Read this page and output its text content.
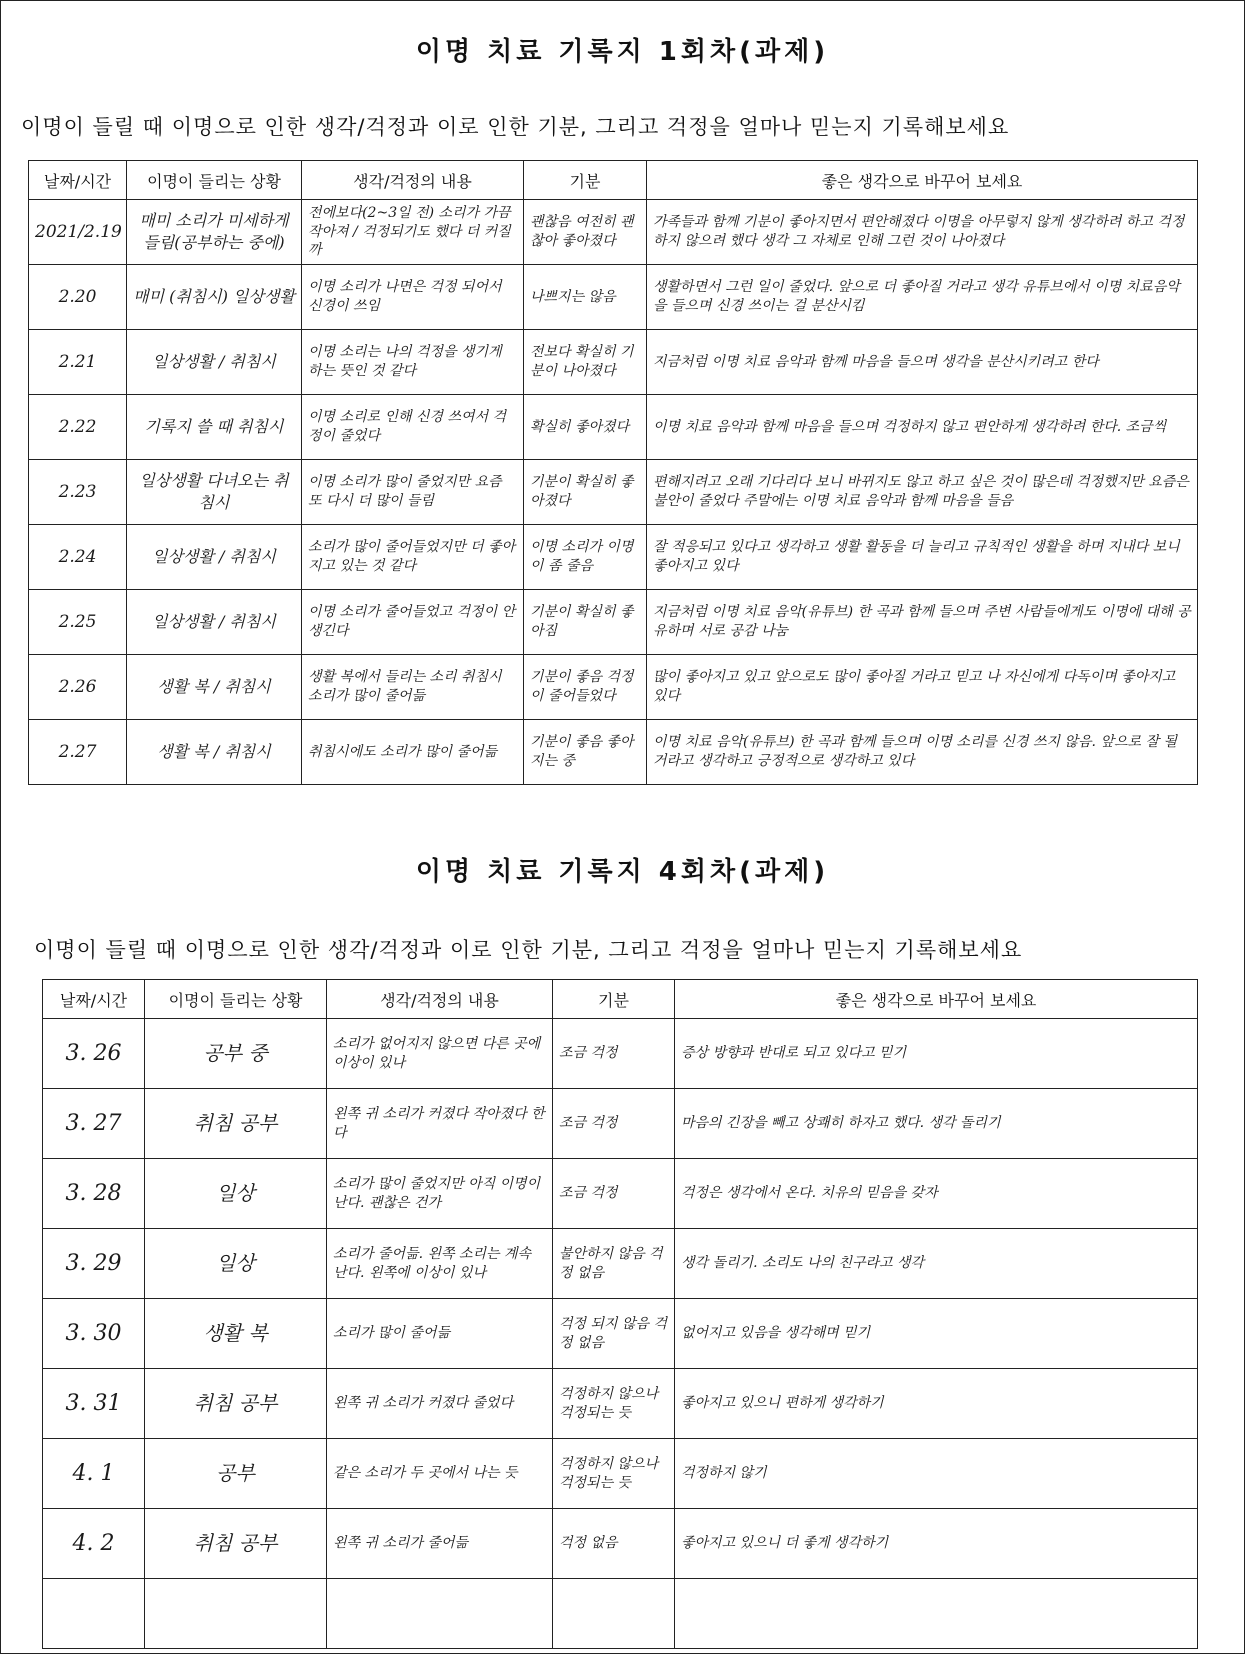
이명 치료 기록지 1회차(과제)
이명이 들릴 때 이명으로 인한 생각/걱정과 이로 인한 기분, 그리고 걱정을 얼마나 믿는지 기록해보세요
날짜/시간	이명이 들리는 상황	생각/걱정의 내용	기분	좋은 생각으로 바꾸어 보세요
2021/2.19	매미 소리가 미세하게 들림(공부하는 중에)	전에보다(2~3일 전) 소리가 가끔 작아져 / 걱정되기도 했다 더 커질까	괜찮음 여전히 괜찮아 좋아졌다	가족들과 함께 기분이 좋아지면서 편안해졌다 이명을 아무렇지 않게 생각하려 하고 걱정하지 않으려 했다 생각 그 자체로 인해 그런 것이 나아졌다
2.20	매미 (취침시) 일상생활	이명 소리가 나면은 걱정 되어서 신경이 쓰임	나쁘지는 않음	생활하면서 그런 일이 줄었다. 앞으로 더 좋아질 거라고 생각 유튜브에서 이명 치료음악을 들으며 신경 쓰이는 걸 분산시킴
2.21	일상생활 / 취침시	이명 소리는 나의 걱정을 생기게 하는 뜻인 것 같다	전보다 확실히 기분이 나아졌다	지금처럼 이명 치료 음악과 함께 마음을 들으며 생각을 분산시키려고 한다
2.22	기록지 쓸 때 취침시	이명 소리로 인해 신경 쓰여서 걱정이 줄었다	확실히 좋아졌다	이명 치료 음악과 함께 마음을 들으며 걱정하지 않고 편안하게 생각하려 한다. 조금씩
2.23	일상생활 다녀오는 취침시	이명 소리가 많이 줄었지만 요즘 또 다시 더 많이 들림	기분이 확실히 좋아졌다	편해지려고 오래 기다리다 보니 바뀌지도 않고 하고 싶은 것이 많은데 걱정했지만 요즘은 불안이 줄었다 주말에는 이명 치료 음악과 함께 마음을 들음
2.24	일상생활 / 취침시	소리가 많이 줄어들었지만 더 좋아지고 있는 것 같다	이명 소리가 이명이 좀 줄음	잘 적응되고 있다고 생각하고 생활 활동을 더 늘리고 규칙적인 생활을 하며 지내다 보니 좋아지고 있다
2.25	일상생활 / 취침시	이명 소리가 줄어들었고 걱정이 안 생긴다	기분이 확실히 좋아짐	지금처럼 이명 치료 음악(유튜브) 한 곡과 함께 들으며 주변 사람들에게도 이명에 대해 공유하며 서로 공감 나눔
2.26	생활 복 / 취침시	생활 복에서 들리는 소리 취침시 소리가 많이 줄어듦	기분이 좋음 걱정이 줄어들었다	많이 좋아지고 있고 앞으로도 많이 좋아질 거라고 믿고 나 자신에게 다독이며 좋아지고 있다
2.27	생활 복 / 취침시	취침시에도 소리가 많이 줄어듦	기분이 좋음 좋아지는 중	이명 치료 음악(유튜브) 한 곡과 함께 들으며 이명 소리를 신경 쓰지 않음. 앞으로 잘 될 거라고 생각하고 긍정적으로 생각하고 있다
이명 치료 기록지 4회차(과제)
이명이 들릴 때 이명으로 인한 생각/걱정과 이로 인한 기분, 그리고 걱정을 얼마나 믿는지 기록해보세요
날짜/시간	이명이 들리는 상황	생각/걱정의 내용	기분	좋은 생각으로 바꾸어 보세요
3. 26	공부 중	소리가 없어지지 않으면 다른 곳에 이상이 있나	조금 걱정	증상 방향과 반대로 되고 있다고 믿기
3. 27	취침 공부	왼쪽 귀 소리가 커졌다 작아졌다 한다	조금 걱정	마음의 긴장을 빼고 상쾌히 하자고 했다. 생각 돌리기
3. 28	일상	소리가 많이 줄었지만 아직 이명이 난다. 괜찮은 건가	조금 걱정	걱정은 생각에서 온다. 치유의 믿음을 갖자
3. 29	일상	소리가 줄어듦. 왼쪽 소리는 계속 난다. 왼쪽에 이상이 있나	불안하지 않음 걱정 없음	생각 돌리기. 소리도 나의 친구라고 생각
3. 30	생활 복	소리가 많이 줄어듦	걱정 되지 않음 걱정 없음	없어지고 있음을 생각해며 믿기
3. 31	취침 공부	왼쪽 귀 소리가 커졌다 줄었다	걱정하지 않으나 걱정되는 듯	좋아지고 있으니 편하게 생각하기
4. 1	공부	같은 소리가 두 곳에서 나는 듯	걱정하지 않으나 걱정되는 듯	걱정하지 않기
4. 2	취침 공부	왼쪽 귀 소리가 줄어듦	걱정 없음	좋아지고 있으니 더 좋게 생각하기
